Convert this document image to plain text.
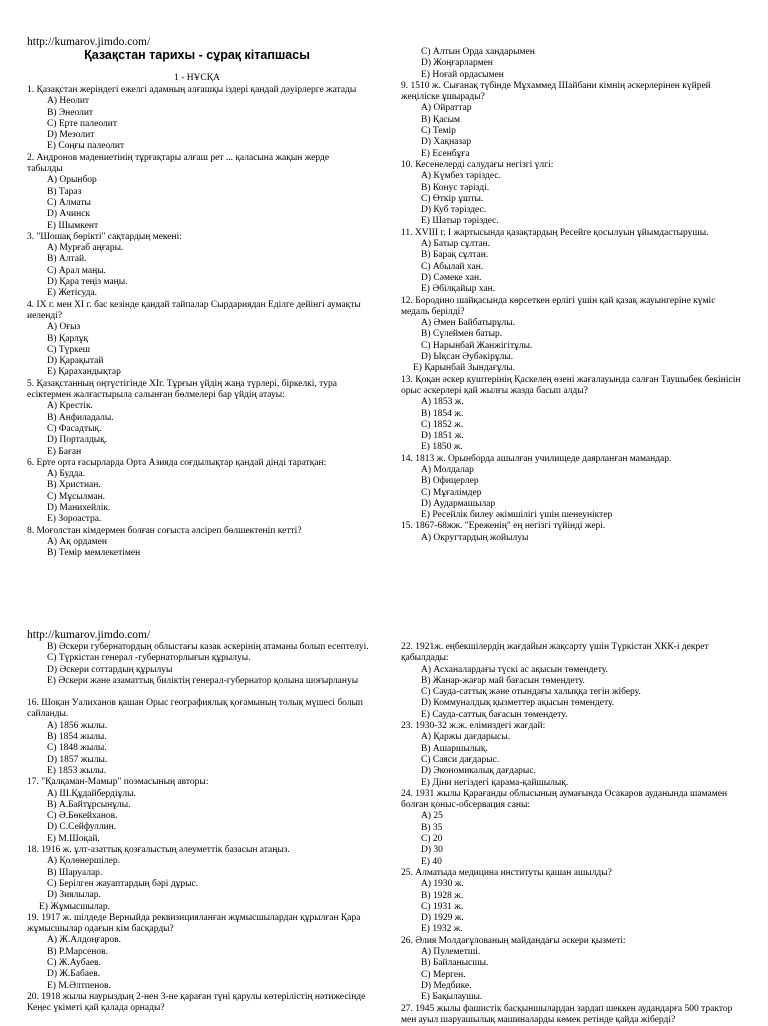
http://kumarov.jimdo.com/
Қазақстан тарихы - сұрақ кітапшасы
1 - НҰСҚА
1. Қазақстан жеріндегі ежелгі адамның алғашқы іздері қандай дәуірлерге жатады
A) Неолит
B) Энеолит
C) Ерте палеолит
D) Мезолит
E) Соңғы палеолит
2. Андронов мәдениетінің тұрғақтары алғаш рет ... қаласына жақын жерде табылды
A) Орынбор
B) Тараз
C) Алматы
D) Ачинск
E) Шымкент
3. "Шошақ бөрікті" сақтардың мекені:
A) Мурғаб аңғары.
B) Алтай.
C) Арал маңы.
D) Қара теңіз маңы.
E) Жетісуда.
4. IX г. мен XI г. бас кезінде қандай тайпалар Сырдариядан Еділге дейінгі аумақты иеленді?
A) Оғыз
B) Қарлұқ
C) Түркеш
D) Қарақытай
E) Қарахандықтар
5. Қазақстанның оңтүстігінде XIг. Тұрғын үйдің жаңа түрлері, біркелкі, тура есіктермен жалғастырыла салынған бөлмелері бар үйдің атауы:
A) Крестік.
B) Анфиладалы.
C) Фасадтық.
D) Порталдық.
E) Баған
6. Ерте орта ғасырларда Орта Азияда соғдылықтар қандай дінді таратқан:
A) Будда.
B) Христиан.
C) Мұсылман.
D) Манихейлік.
E) Зороастра.
8. Моғолстан кімдермен болған соғыста әлсіреп бөлшектеніп кетті?
A) Ақ ордамен
B) Темір мемлекетімен
C) Алтын Орда хандарымен
D) Жоңғарлармен
E) Ноғай ордасымен
9. 1510 ж. Сығанақ түбінде Мұхаммед Шайбани кімнің әскерлерінен күйрей жеңіліске ұшырады?
A) Ойраттар
B) Қасым
C) Темір
D) Хақназар
E) Есенбұға
10. Кесенелерді салудағы негізгі үлгі:
A) Күмбез тәріздес.
B) Конус тәрізді.
C) Өткір ұшты.
D) Куб тәріздес.
E) Шатыр тәріздес.
11. XVIII г. I жартысында қазақтардың Ресейге қосылуын ұйымдастырушы.
A) Батыр сұлтан.
B) Барақ сұлтан.
C) Абылай хан.
D) Сәмеке хан.
E) Әбілқайыр хан.
12. Бородино шайқасында көрсеткен ерлігі үшін қай қазақ жауынгеріне күміс медаль берілді?
A) Әмен Байбатырұлы.
B) Сүлеймен батыр.
C) Нарынбай Жанжігітұлы.
D) Ықсан Әубәкірұлы.
E) Қарынбай Зындағұлы.
13. Қоқан әскер куштерінің Қаскелең өзені жағалауында салған Таушыбек бекінісін орыс әскерлері қай жылғы жазда басып алды?
A) 1853 ж.
B) 1854 ж.
C) 1852 ж.
D) 1851 ж.
E) 1850 ж.
14. 1813 ж. Орынборда ашылған училищеде даярланған мамандар.
A) Молдалар
B) Офицерлер
C) Мұғалімдер
D) Аудармашылар
E) Ресейлік билеу әкімшілігі үшін шенеуніктер
15. 1867-68жж. "Ереженің" ең негізгі түйінді жері.
A) Округтардың жойылуы
http://kumarov.jimdo.com/
B) Әскери губернатордың облыстағы казак әскерінің атаманы болып есептелуі.
C) Түркістан генерал -губернаторлығын құрылуы.
D) Әскери соттардың құрылуы
E) Әскери және азаматтық биліктің генерал-губернатор қолына шоғырлануы
16. Шоқан Уалиханов қашан Орыс географиялық қоғамының толық мүшесі болып сайланды.
A) 1856 жылы.
B) 1854 жылы.
C) 1848 жылы.
D) 1857 жылы.
E) 1853 жылы.
17. "Қалқаман-Мамыр" поэмасының авторы:
A) Ш.Құдайбердіұлы.
B) А.Байтұрсынұлы.
C) Ә.Бөкейханов.
D) С.Сейфуллин.
E) М.Шоқай.
18. 1916 ж. ұлт-азаттық қозғалыстың әлеуметтік базасын атаңыз.
A) Қолөнершілер.
B) Шаруалар.
C) Берілген жауаптардың бәрі дұрыс.
D) Зиялылар.
E) Жұмысшылар.
19. 1917 ж. шілдеде Верныйда реквизицияланған жұмысшылардан құрылған Қара жұмысшылар одағын кім басқарды?
A) Ж.Алдоңғаров.
B) Р.Марсенов.
C) Ж.Аубаев.
D) Ж.Бабаев.
E) М.Әлтпенов.
20. 1918 жылы наурыздың 2-нен 3-не қараған түні қарулы көтерілістің нәтижесінде Кеңес үкіметі қай қалада орнады?
22. 1921ж. еңбекшілердің жағдайын жақсарту үшін Түркістан ХКК-і декрет қабылдады:
A) Асханалардағы түскі ас ақысын төмендету.
B) Жанар-жағар май бағасын төмендету.
C) Сауда-саттық және отындағы халыққа тегін жіберу.
D) Коммуналдық қызметтер ақысын төмендету.
E) Сауда-саттық бағасын төмендету.
23. 1930-32 ж.ж. елімиздегі жағдай:
A) Қаржы дағдарысы.
B) Ашаршылық.
C) Саяси дағдарыс.
D) Экономикалық дағдарыс.
E) Діни негіздегі қарама-қайшылық.
24. 1931 жылы Қарағанды облысының аумағында Осакаров ауданында шамамен болған қоныс-обсервация саны:
A) 25
B) 35
C) 20
D) 30
E) 40
25. Алматыда медицина институты қашан ашылды?
A) 1930 ж.
B) 1928 ж.
C) 1931 ж.
D) 1929 ж.
E) 1932 ж.
26. Әлия Молдағұлованың майдандағы әскери қызметі:
A) Пулеметші.
B) Байланысшы.
C) Мерген.
D) Медбике.
E) Бақылаушы.
27. 1945 жылы фашистік басқыншылардан зардап шеккен аудандарға 500 трактор мен ауыл шаруашылық машиналарды көмек ретінде қайда жіберді?
